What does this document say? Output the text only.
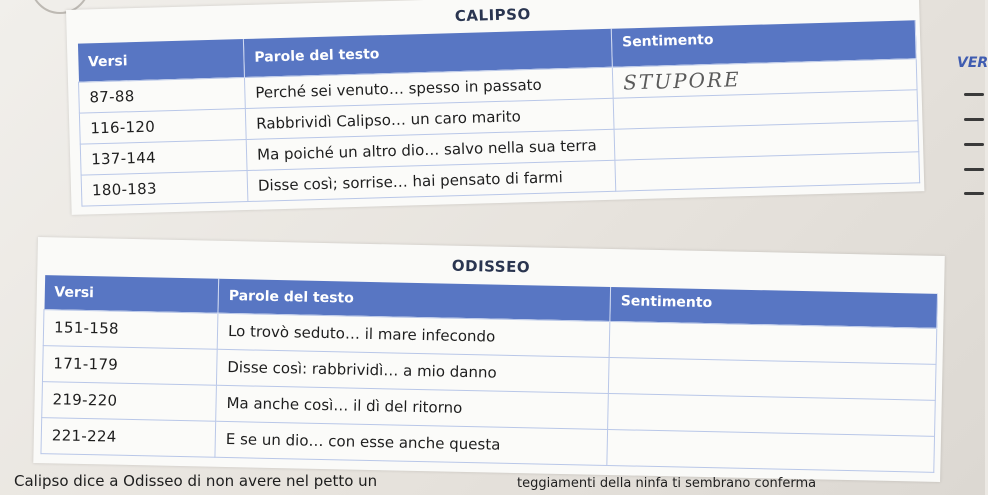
CALIPSO
Versi	Parole del testo	Sentimento
87-88	Perché sei venuto… spesso in passato	STUPORE
116-120	Rabbrividì Calipso… un caro marito	
137-144	Ma poiché un altro dio… salvo nella sua terra	
180-183	Disse così; sorrise… hai pensato di farmi	
ODISSEO
Versi	Parole del testo	Sentimento
151-158	Lo trovò seduto… il mare infecondo	
171-179	Disse così: rabbrividì… a mio danno	
219-220	Ma anche così… il dì del ritorno	
221-224	E se un dio… con esse anche questa	
VER
Calipso dice a Odisseo di non avere nel petto un	teggiamenti della ninfa ti sembrano conferma
